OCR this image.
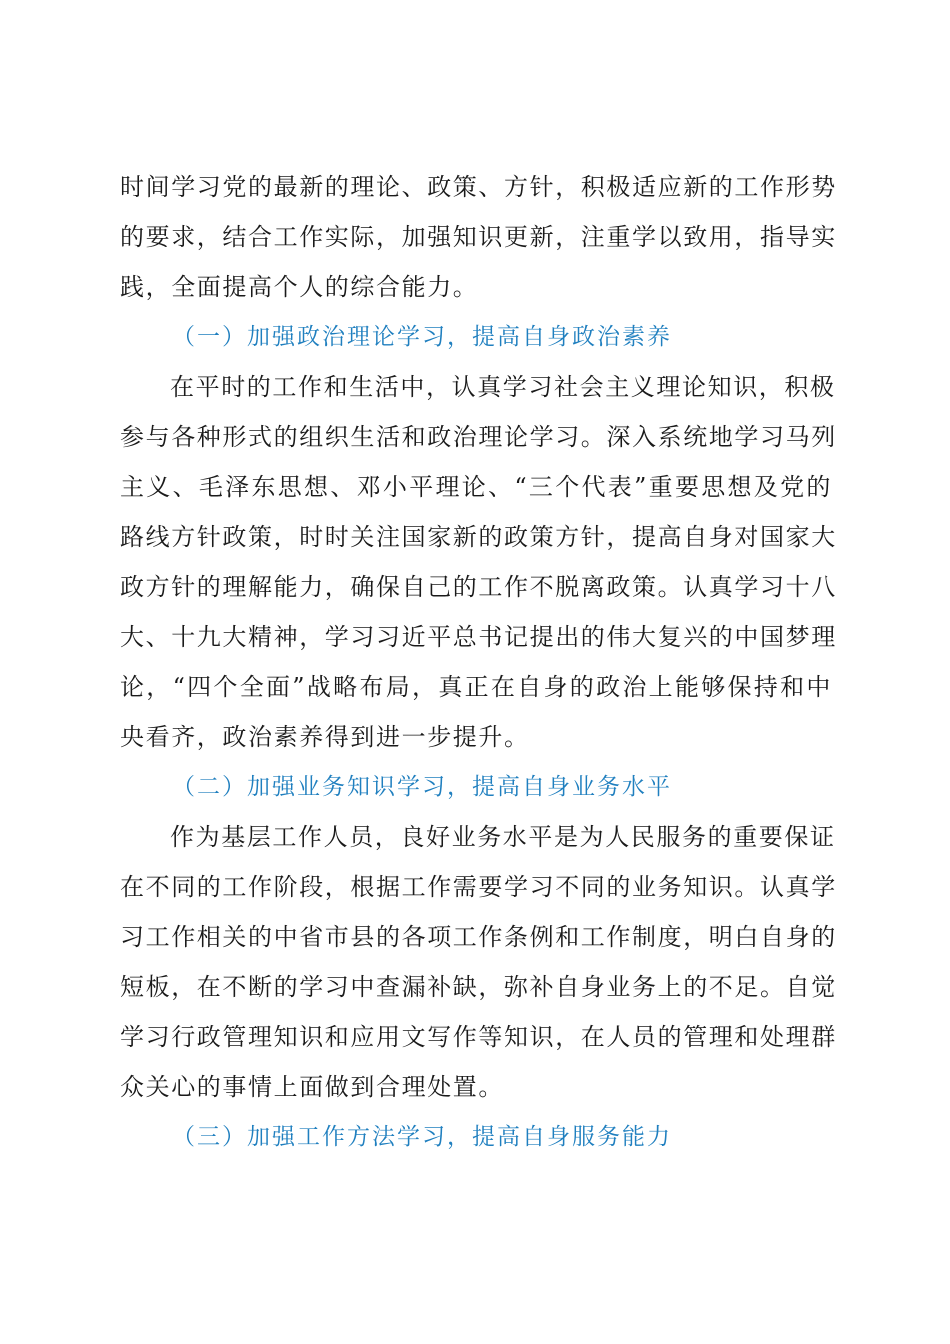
时间学习党的最新的理论、政策、方针，积极适应新的工作形势
的要求，结合工作实际，加强知识更新，注重学以致用，指导实
践，全面提高个人的综合能力。
（一）加强政治理论学习，提高自身政治素养
在平时的工作和生活中，认真学习社会主义理论知识，积极
参与各种形式的组织生活和政治理论学习。深入系统地学习马列
主义、毛泽东思想、邓小平理论、“三个代表”重要思想及党的
路线方针政策，时时关注国家新的政策方针，提高自身对国家大
政方针的理解能力，确保自己的工作不脱离政策。认真学习十八
大、十九大精神，学习习近平总书记提出的伟大复兴的中国梦理
论，“四个全面”战略布局，真正在自身的政治上能够保持和中
央看齐，政治素养得到进一步提升。
（二）加强业务知识学习，提高自身业务水平
作为基层工作人员，良好业务水平是为人民服务的重要保证
在不同的工作阶段，根据工作需要学习不同的业务知识。认真学
习工作相关的中省市县的各项工作条例和工作制度，明白自身的
短板，在不断的学习中查漏补缺，弥补自身业务上的不足。自觉
学习行政管理知识和应用文写作等知识，在人员的管理和处理群
众关心的事情上面做到合理处置。
（三）加强工作方法学习，提高自身服务能力
